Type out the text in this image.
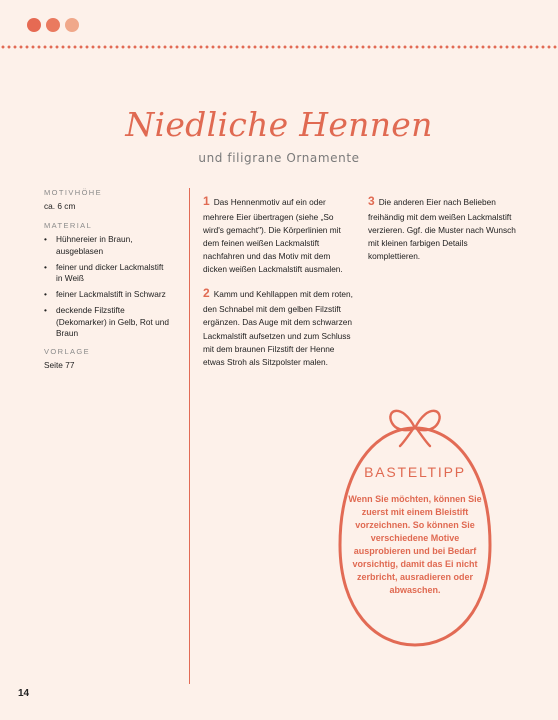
Niedliche Hennen
und filigrane Ornamente
MOTIVHÖHE
ca. 6 cm
MATERIAL
• Hühnereier in Braun, ausgeblasen
• feiner und dicker Lackmalstift in Weiß
• feiner Lackmalstift in Schwarz
• deckende Filzstifte (Dekomarker) in Gelb, Rot und Braun
VORLAGE
Seite 77
1 Das Hennenmotiv auf ein oder mehrere Eier übertragen (siehe „So wird's gemacht"). Die Körperlinien mit dem feinen weißen Lackmalstift nachfahren und das Motiv mit dem dicken weißen Lackmalstift ausmalen.
2 Kamm und Kehllappen mit dem roten, den Schnabel mit dem gelben Filzstift ergänzen. Das Auge mit dem schwarzen Lackmalstift aufsetzen und zum Schluss mit dem braunen Filzstift der Henne etwas Stroh als Sitzpolster malen.
3 Die anderen Eier nach Belieben freihändig mit dem weißen Lackmalstift verzieren. Ggf. die Muster nach Wunsch mit kleinen farbigen Details komplettieren.
BASTELTIPP
Wenn Sie möchten, können Sie zuerst mit einem Bleistift vorzeichnen. So können Sie verschiedene Motive ausprobieren und bei Bedarf vorsichtig, damit das Ei nicht zerbricht, ausradieren oder abwaschen.
14
